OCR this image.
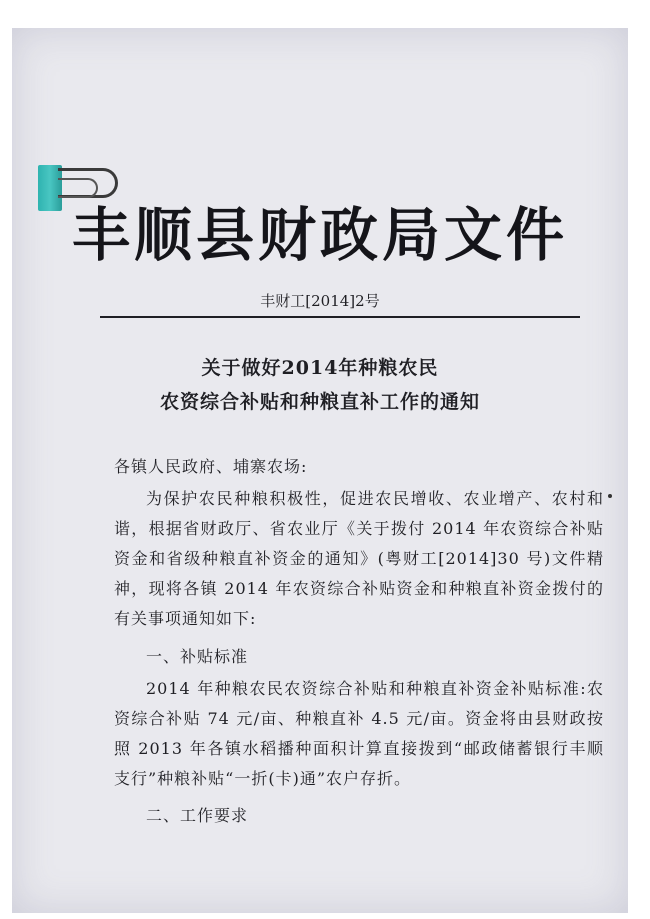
丰顺县财政局文件
丰财工[2014]2号
关于做好2014年种粮农民
农资综合补贴和种粮直补工作的通知
各镇人民政府、埔寨农场:
为保护农民种粮积极性，促进农民增收、农业增产、农村和谐，根据省财政厅、省农业厅《关于拨付 2014 年农资综合补贴资金和省级种粮直补资金的通知》(粤财工[2014]30 号)文件精神，现将各镇 2014 年农资综合补贴资金和种粮直补资金拨付的有关事项通知如下:
一、补贴标准
2014 年种粮农民农资综合补贴和种粮直补资金补贴标准:农资综合补贴 74 元/亩、种粮直补 4.5 元/亩。资金将由县财政按照 2013 年各镇水稻播种面积计算直接拨到“邮政储蓄银行丰顺支行”种粮补贴“一折(卡)通”农户存折。
二、工作要求
